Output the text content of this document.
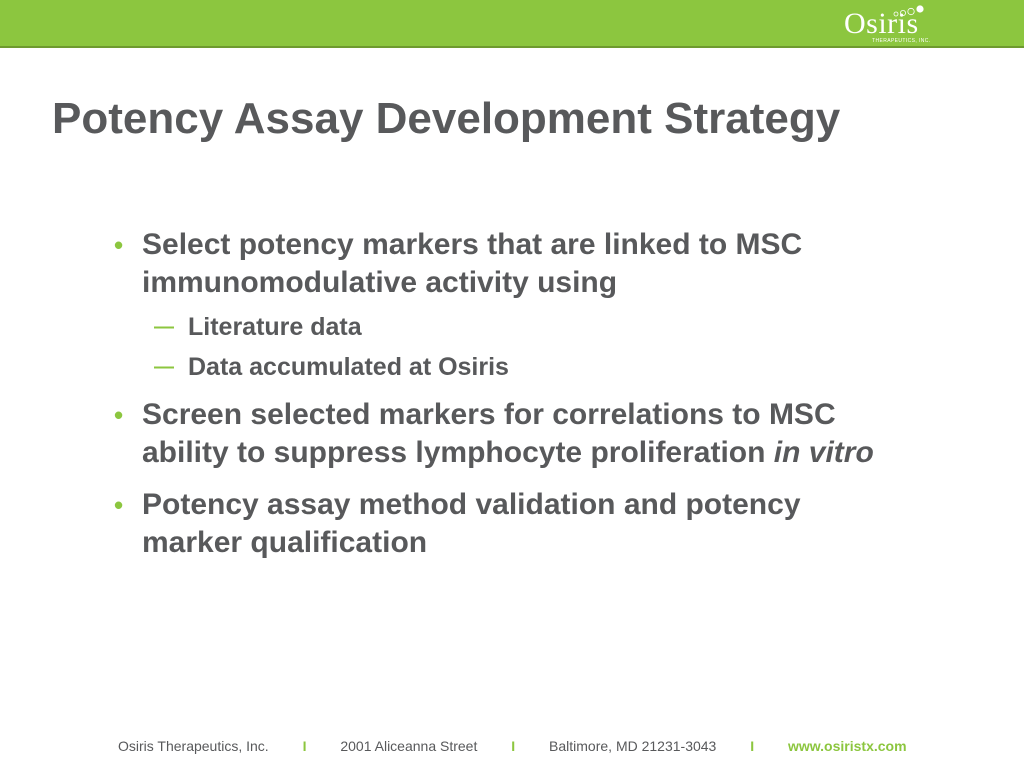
Osiris
THERAPEUTICS, INC.
Potency Assay Development Strategy
• Select potency markers that are linked to MSC immunomodulative activity using
— Literature data
— Data accumulated at Osiris
• Screen selected markers for correlations to MSC ability to suppress lymphocyte proliferation in vitro
• Potency assay method validation and potency marker qualification
Osiris Therapeutics, Inc. I 2001 Aliceanna Street I Baltimore, MD 21231-3043 I www.osiristx.com
